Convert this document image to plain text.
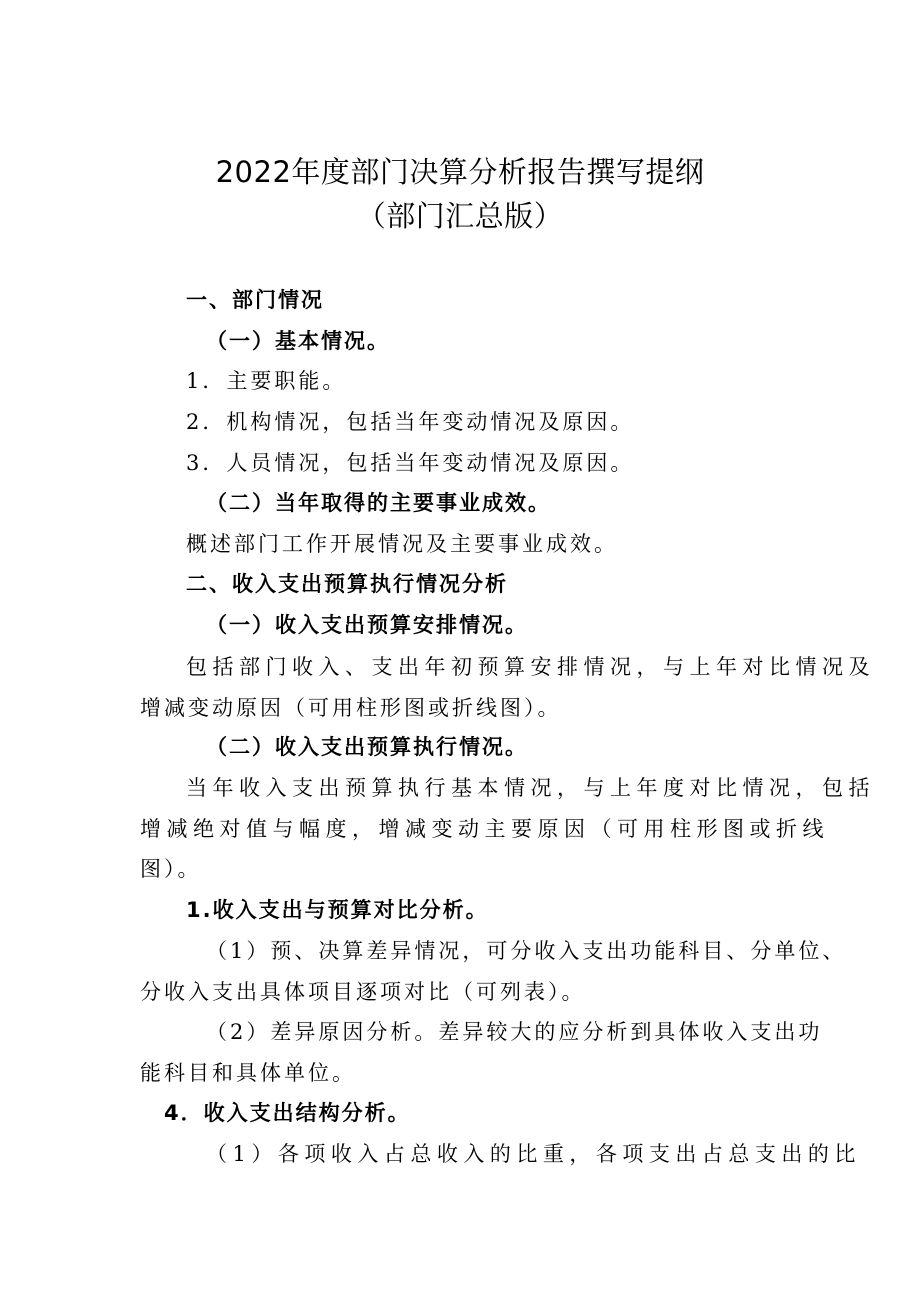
2022年度部门决算分析报告撰写提纲
（部门汇总版）
一、部门情况
（一）基本情况。
1．主要职能。
2．机构情况，包括当年变动情况及原因。
3．人员情况，包括当年变动情况及原因。
（二）当年取得的主要事业成效。
概述部门工作开展情况及主要事业成效。
二、收入支出预算执行情况分析
（一）收入支出预算安排情况。
包括部门收入、支出年初预算安排情况，与上年对比情况及
增减变动原因（可用柱形图或折线图）。
（二）收入支出预算执行情况。
当年收入支出预算执行基本情况，与上年度对比情况，包括
增减绝对值与幅度，增减变动主要原因（可用柱形图或折线
图）。
1.收入支出与预算对比分析。
（1）预、决算差异情况，可分收入支出功能科目、分单位、
分收入支出具体项目逐项对比（可列表）。
（2）差异原因分析。差异较大的应分析到具体收入支出功
能科目和具体单位。
4．收入支出结构分析。
（1）各项收入占总收入的比重，各项支出占总支出的比
